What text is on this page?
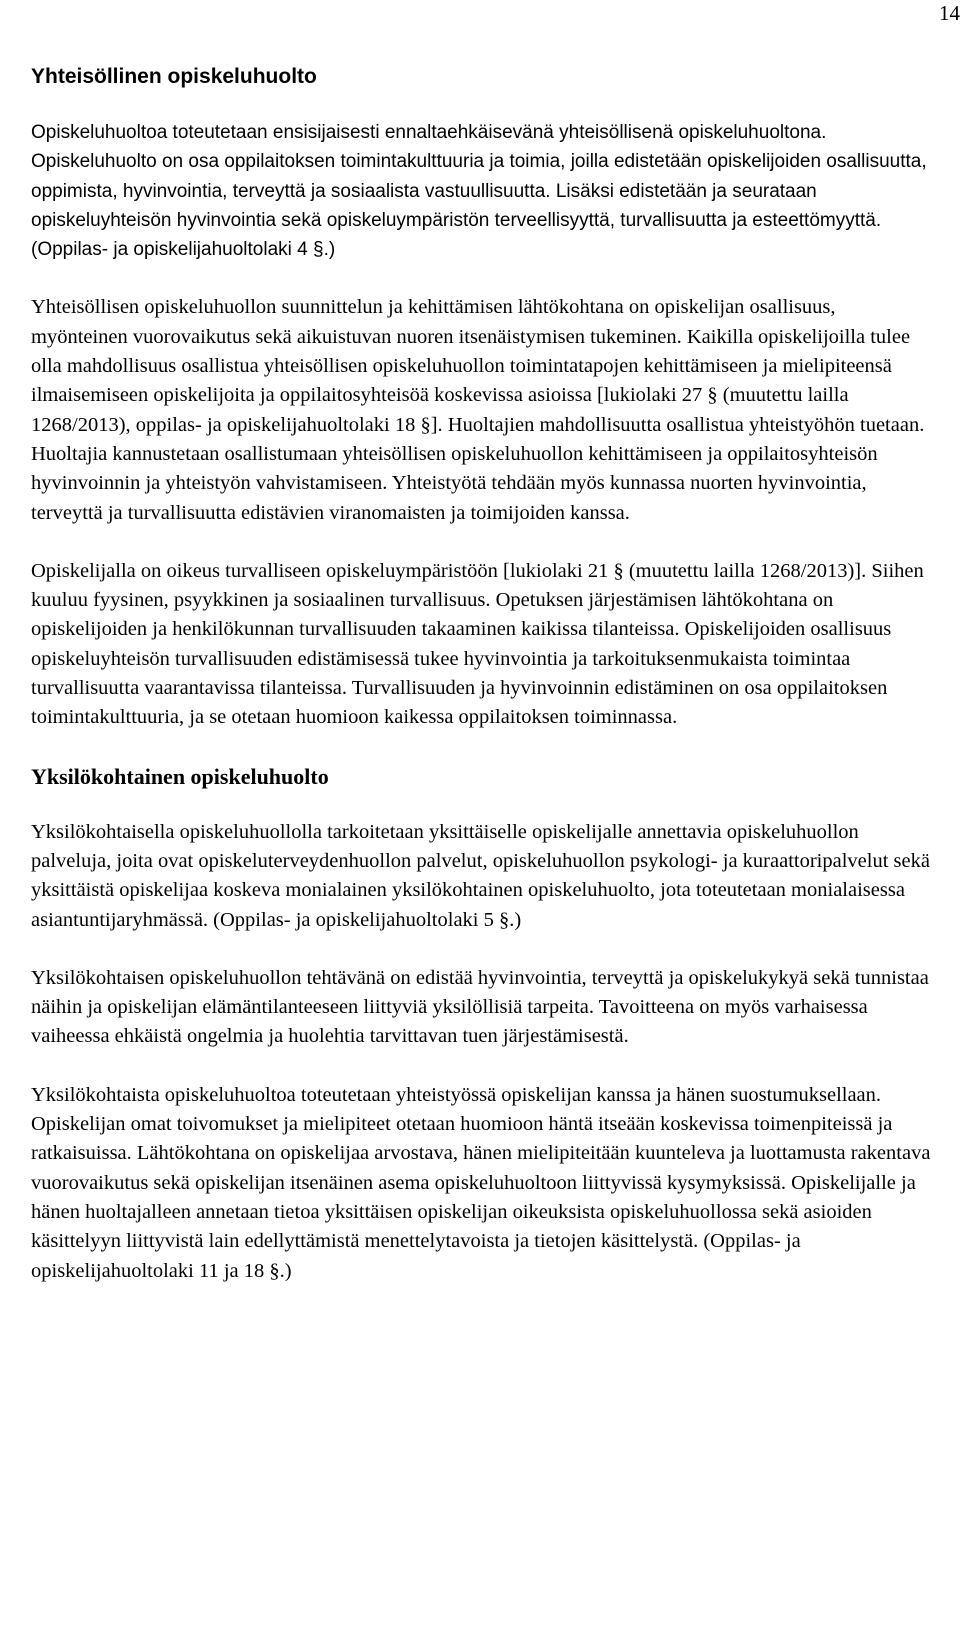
14
Yhteisöllinen opiskeluhuolto

Opiskeluhuoltoa toteutetaan ensisijaisesti ennaltaehkäisevänä yhteisöllisenä opiskeluhuoltona. Opiskeluhuolto on osa oppilaitoksen toimintakulttuuria ja toimia, joilla edistetään opiskelijoiden osallisuutta, oppimista, hyvinvointia, terveyttä ja sosiaalista vastuullisuutta. Lisäksi edistetään ja seurataan opiskeluyhteisön hyvinvointia sekä opiskeluympäristön terveellisyyttä, turvallisuutta ja esteettömyyttä. (Oppilas- ja opiskelijahuoltolaki 4 §.)

Yhteisöllisen opiskeluhuollon suunnittelun ja kehittämisen lähtökohtana on opiskelijan osallisuus, myönteinen vuorovaikutus sekä aikuistuvan nuoren itsenäistymisen tukeminen. Kaikilla opiskelijoilla tulee olla mahdollisuus osallistua yhteisöllisen opiskeluhuollon toimintatapojen kehittämiseen ja mielipiteensä ilmaisemiseen opiskelijoita ja oppilaitosyhteisöä koskevissa asioissa [lukiolaki 27 § (muutettu lailla 1268/2013), oppilas- ja opiskelijahuoltolaki 18 §]. Huoltajien mahdollisuutta osallistua yhteistyöhön tuetaan. Huoltajia kannustetaan osallistumaan yhteisöllisen opiskeluhuollon kehittämiseen ja oppilaitosyhteisön hyvinvoinnin ja yhteistyön vahvistamiseen. Yhteistyötä tehdään myös kunnassa nuorten hyvinvointia, terveyttä ja turvallisuutta edistävien viranomaisten ja toimijoiden kanssa.

Opiskelijalla on oikeus turvalliseen opiskeluympäristöön [lukiolaki 21 § (muutettu lailla 1268/2013)]. Siihen kuuluu fyysinen, psyykkinen ja sosiaalinen turvallisuus. Opetuksen järjestämisen lähtökohtana on opiskelijoiden ja henkilökunnan turvallisuuden takaaminen kaikissa tilanteissa. Opiskelijoiden osallisuus opiskeluyhteisön turvallisuuden edistämisessä tukee hyvinvointia ja tarkoituksenmukaista toimintaa turvallisuutta vaarantavissa tilanteissa. Turvallisuuden ja hyvinvoinnin edistäminen on osa oppilaitoksen toimintakulttuuria, ja se otetaan huomioon kaikessa oppilaitoksen toiminnassa.

Yksilökohtainen opiskeluhuolto

Yksilökohtaisella opiskeluhuollolla tarkoitetaan yksittäiselle opiskelijalle annettavia opiskeluhuollon palveluja, joita ovat opiskeluterveydenhuollon palvelut, opiskeluhuollon psykologi- ja kuraattoripalvelut sekä yksittäistä opiskelijaa koskeva monialainen yksilökohtainen opiskeluhuolto, jota toteutetaan monialaisessa asiantuntijaryhmässä. (Oppilas- ja opiskelijahuoltolaki 5 §.)

Yksilökohtaisen opiskeluhuollon tehtävänä on edistää hyvinvointia, terveyttä ja opiskelukykyä sekä tunnistaa näihin ja opiskelijan elämäntilanteeseen liittyviä yksilöllisiä tarpeita. Tavoitteena on myös varhaisessa vaiheessa ehkäistä ongelmia ja huolehtia tarvittavan tuen järjestämisestä.

Yksilökohtaista opiskeluhuoltoa toteutetaan yhteistyössä opiskelijan kanssa ja hänen suostumuksellaan. Opiskelijan omat toivomukset ja mielipiteet otetaan huomioon häntä itseään koskevissa toimenpiteissä ja ratkaisuissa. Lähtökohtana on opiskelijaa arvostava, hänen mielipiteitään kuunteleva ja luottamusta rakentava vuorovaikutus sekä opiskelijan itsenäinen asema opiskeluhuoltoon liittyvissä kysymyksissä. Opiskelijalle ja hänen huoltajalleen annetaan tietoa yksittäisen opiskelijan oikeuksista opiskeluhuollossa sekä asioiden käsittelyyn liittyvistä lain edellyttämistä menettelytavoista ja tietojen käsittelystä. (Oppilas- ja opiskelijahuoltolaki 11 ja 18 §.)
